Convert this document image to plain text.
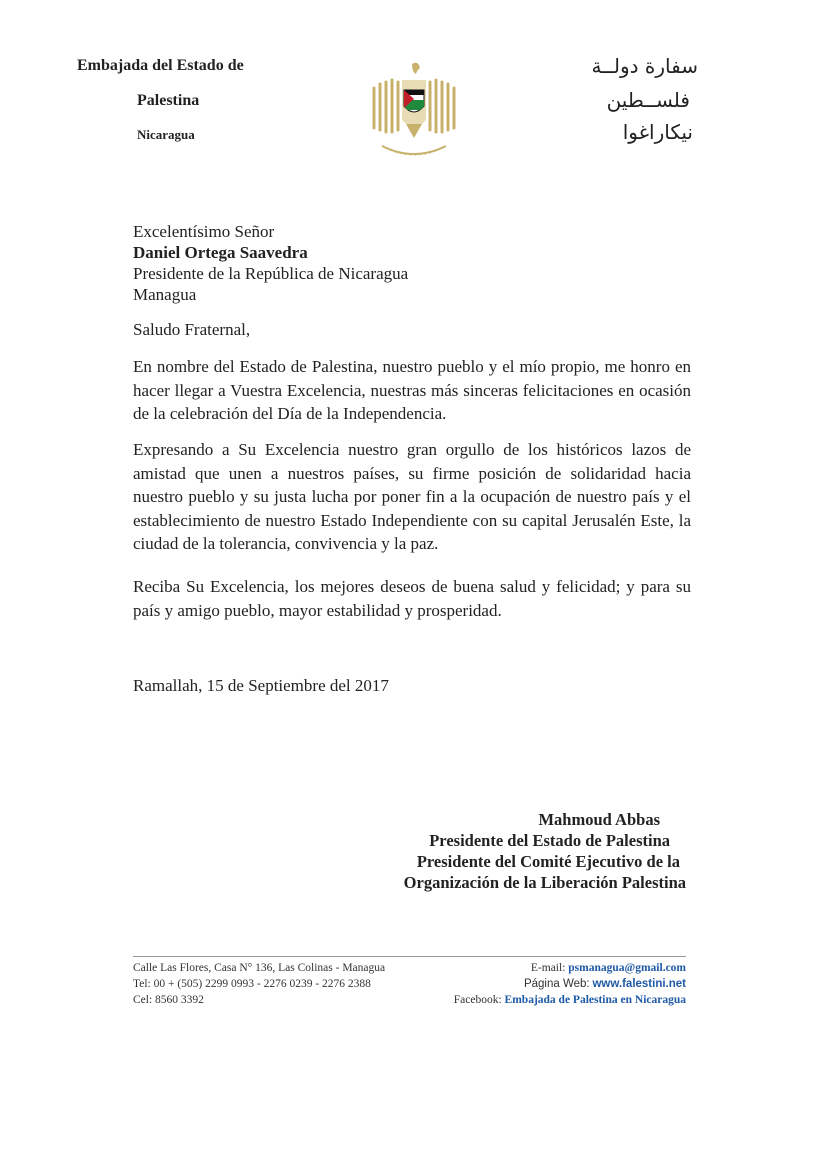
Embajada del Estado de
Palestina
Nicaragua
سفارة دولــة
فلســطين
نيكاراغوا
Excelentísimo Señor
Daniel Ortega Saavedra
Presidente de la República de Nicaragua
Managua
Saludo Fraternal,
En nombre del Estado de Palestina, nuestro pueblo y el mío propio, me honro en hacer llegar a Vuestra Excelencia, nuestras más sinceras felicitaciones en ocasión de la celebración del Día de la Independencia.
Expresando a Su Excelencia nuestro gran orgullo de los históricos lazos de amistad que unen a nuestros países, su firme posición de solidaridad hacia nuestro pueblo y su justa lucha por poner fin a la ocupación de nuestro país y el establecimiento de nuestro Estado Independiente con su capital Jerusalén Este, la ciudad de la tolerancia, convivencia y la paz.
Reciba Su Excelencia, los mejores deseos de buena salud y felicidad; y para su país y amigo pueblo, mayor estabilidad y prosperidad.
Ramallah, 15 de Septiembre del 2017
Mahmoud Abbas
Presidente del Estado de Palestina
Presidente del Comité Ejecutivo de la
Organización de la Liberación Palestina
Calle Las Flores, Casa N° 136, Las Colinas - Managua
Tel: 00 + (505) 2299 0993 - 2276 0239 - 2276 2388
Cel: 8560 3392
E-mail: psmanagua@gmail.com
Página Web: www.falestini.net
Facebook: Embajada de Palestina en Nicaragua
